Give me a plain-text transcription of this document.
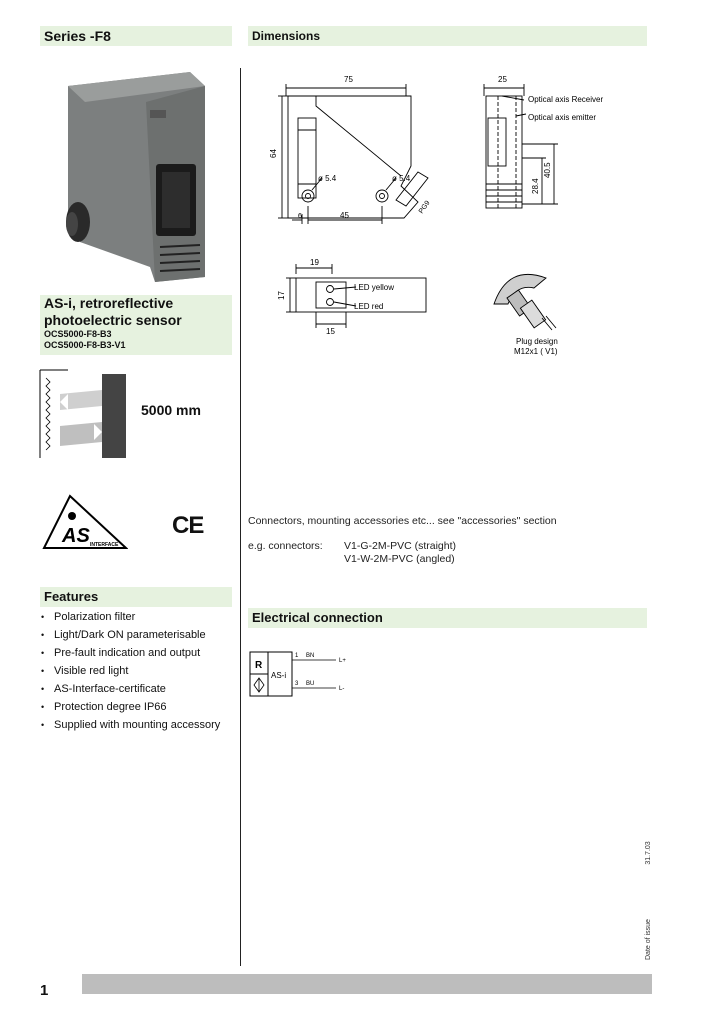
Series -F8	Dimensions
AS-i, retroreflective
photoelectric sensor
OCS5000-F8-B3
OCS5000-F8-B3-V1
5000 mm
AS INTERFACE
CE
Features
• Polarization filter
• Light/Dark ON parameterisable
• Pre-fault indication and output
• Visible red light
• AS-Interface-certificate
• Protection degree IP66
• Supplied with mounting accessory
75
64
ø 5.4	ø 5.4
6	45
PG9
25
Optical axis Receiver
Optical axis emitter
28.4
40.5
19
17
15
LED yellow
LED red
Plug design
M12x1 ( V1)
Connectors, mounting accessories etc... see "accessories" section
e.g. connectors: V1-G-2M-PVC (straight)
V1-W-2M-PVC (angled)
Electrical connection
R
AS-i
1 BN
L+
3 BU
L-
Date of issue                            31.7.03
1
